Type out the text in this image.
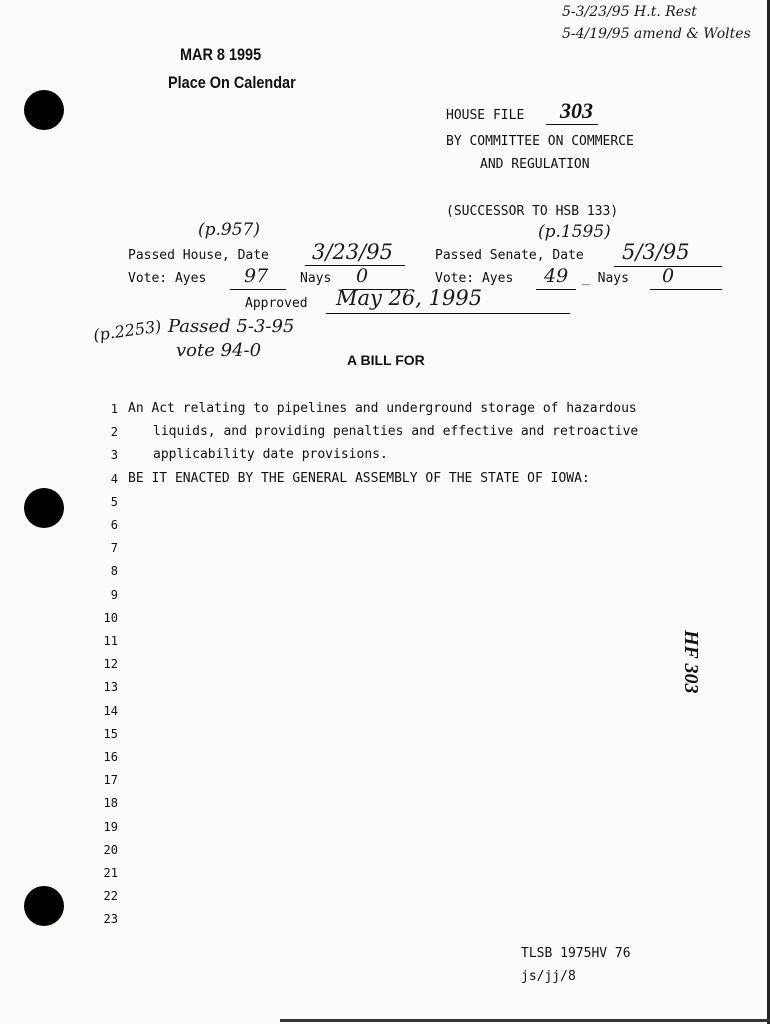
5-3/23/95 H.t. Rest
5-4/19/95 amend & Woltes
MAR 8 1995
Place On Calendar
HOUSE FILE 303
BY COMMITTEE ON COMMERCE
AND REGULATION
(SUCCESSOR TO HSB 133)
(p.957)
Passed House, Date 3/23/95
(p.1595)
Passed Senate, Date 5/3/95
Vote: Ayes 97 Nays 0	Vote: Ayes 49 _ Nays 0
Approved May 26, 1995
(p.2253) Passed 5-3-95
vote 94-0	A BILL FOR
1 An Act relating to pipelines and underground storage of hazardous
2	liquids, and providing penalties and effective and retroactive
3	applicability date provisions.
4 BE IT ENACTED BY THE GENERAL ASSEMBLY OF THE STATE OF IOWA:
5
6
7
8
9
10
11
12
13
14
15
16
17
18
19
20
21
22
23
HF 303
TLSB 1975HV 76
js/jj/8
